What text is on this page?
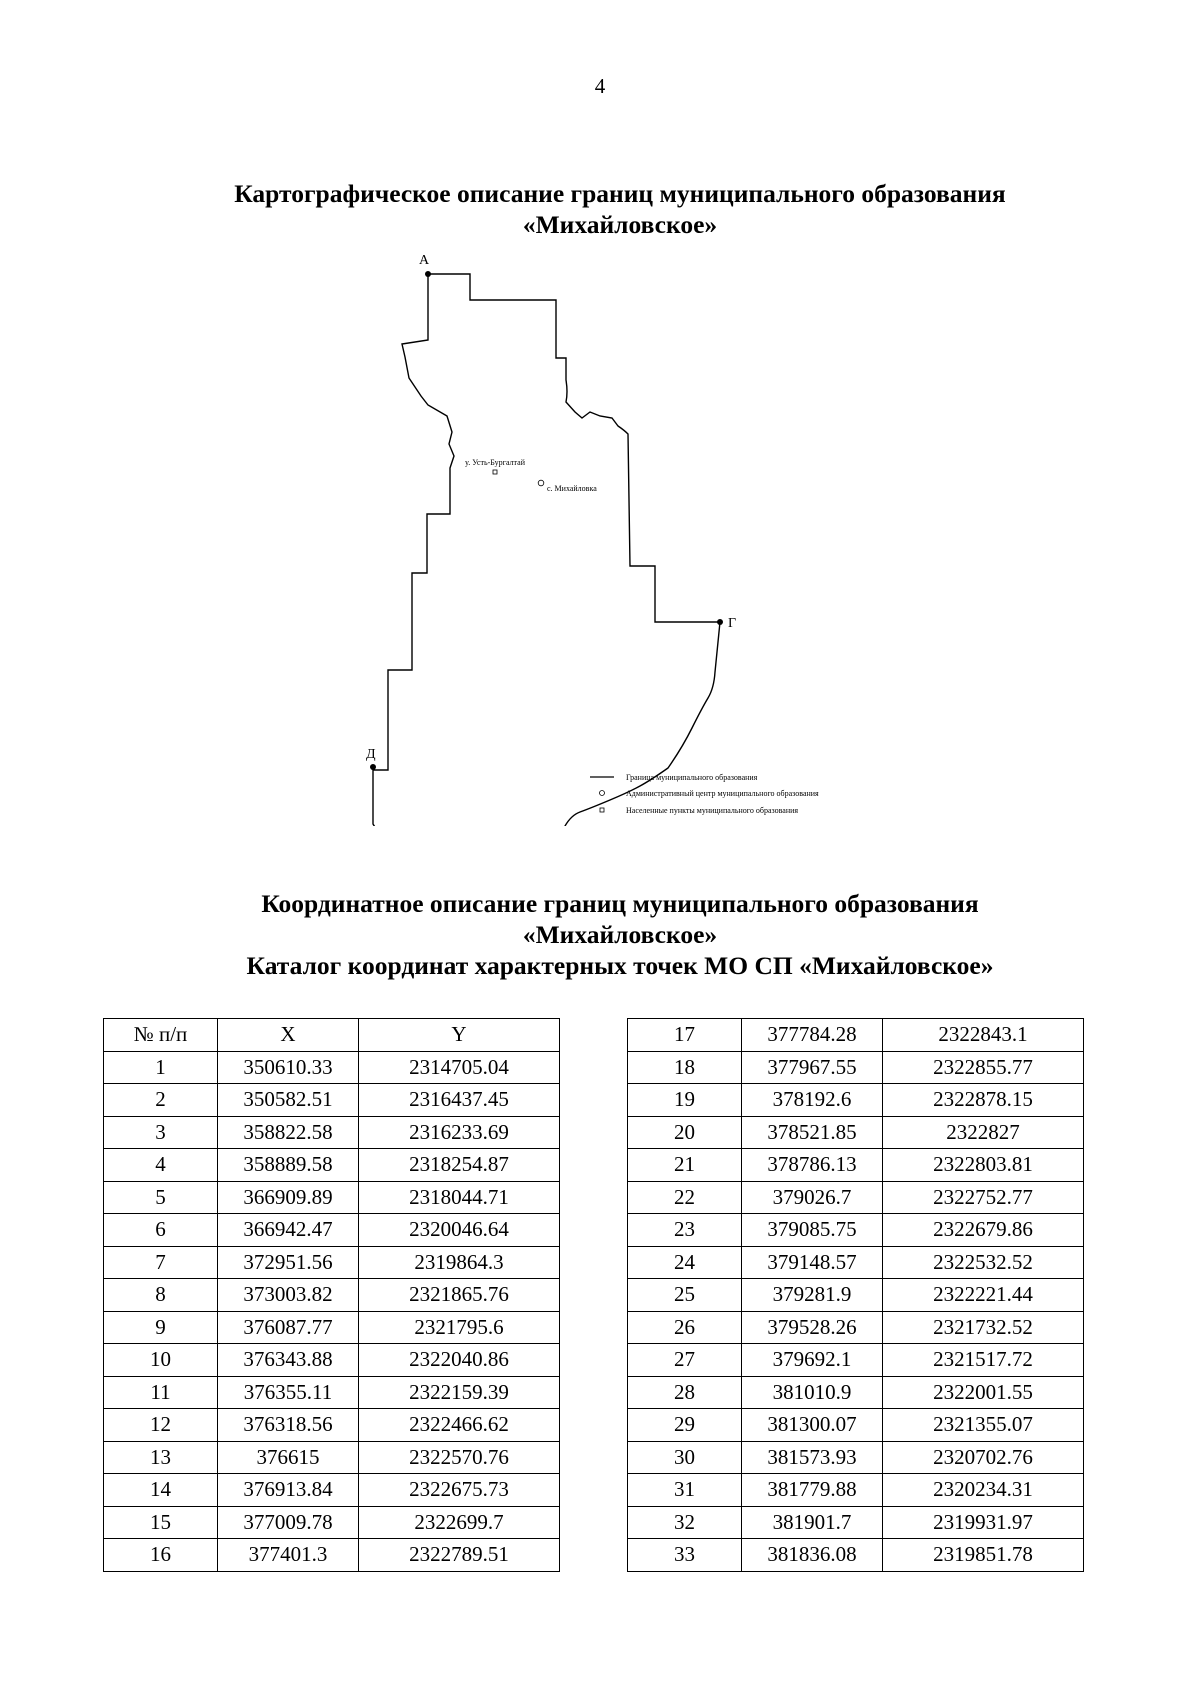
4
Картографическое описание границ муниципального образования
«Михайловское»
А
Г
Д
у. Усть-Бургалтай
с. Михайловка
Граница муниципального образования
Административный центр муниципального образования
Населенные пункты муниципального образования
Координатное описание границ муниципального образования
«Михайловское»
Каталог координат характерных точек МО СП «Михайловское»
№ п/п	X	Y
1	350610.33	2314705.04
2	350582.51	2316437.45
3	358822.58	2316233.69
4	358889.58	2318254.87
5	366909.89	2318044.71
6	366942.47	2320046.64
7	372951.56	2319864.3
8	373003.82	2321865.76
9	376087.77	2321795.6
10	376343.88	2322040.86
11	376355.11	2322159.39
12	376318.56	2322466.62
13	376615	2322570.76
14	376913.84	2322675.73
15	377009.78	2322699.7
16	377401.3	2322789.51
17	377784.28	2322843.1
18	377967.55	2322855.77
19	378192.6	2322878.15
20	378521.85	2322827
21	378786.13	2322803.81
22	379026.7	2322752.77
23	379085.75	2322679.86
24	379148.57	2322532.52
25	379281.9	2322221.44
26	379528.26	2321732.52
27	379692.1	2321517.72
28	381010.9	2322001.55
29	381300.07	2321355.07
30	381573.93	2320702.76
31	381779.88	2320234.31
32	381901.7	2319931.97
33	381836.08	2319851.78
